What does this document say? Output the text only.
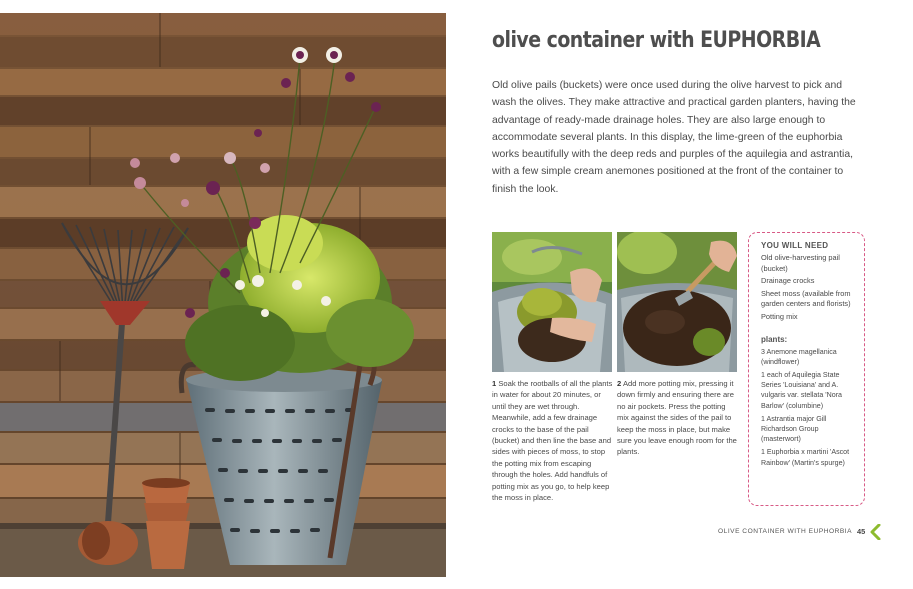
olive container with EUPHORBIA

Old olive pails (buckets) were once used during the olive harvest to pick and wash the olives. They make attractive and practical garden planters, having the advantage of ready-made drainage holes. They are also large enough to accommodate several plants. In this display, the lime-green of the euphorbia works beautifully with the deep reds and purples of the aquilegia and astrantia, with a few simple cream anemones positioned at the front of the container to finish the look.

1 Soak the rootballs of all the plants in water for about 20 minutes, or until they are wet through. Meanwhile, add a few drainage crocks to the base of the pail (bucket) and then line the base and sides with pieces of moss, to stop the potting mix from escaping through the holes. Add handfuls of potting mix as you go, to help keep the moss in place.

2 Add more potting mix, pressing it down firmly and ensuring there are no air pockets. Press the potting mix against the sides of the pail to keep the moss in place, but make sure you leave enough room for the plants.

YOU WILL NEED
Old olive-harvesting pail (bucket)
Drainage crocks
Sheet moss (available from garden centers and florists)
Potting mix
plants:
3 Anemone magellanica (windflower)
1 each of Aquilegia State Series 'Louisiana' and A. vulgaris var. stellata 'Nora Barlow' (columbine)
1 Astrantia major Gill Richardson Group (masterwort)
1 Euphorbia x martini 'Ascot Rainbow' (Martin's spurge)
OLIVE CONTAINER WITH EUPHORBIA 45
